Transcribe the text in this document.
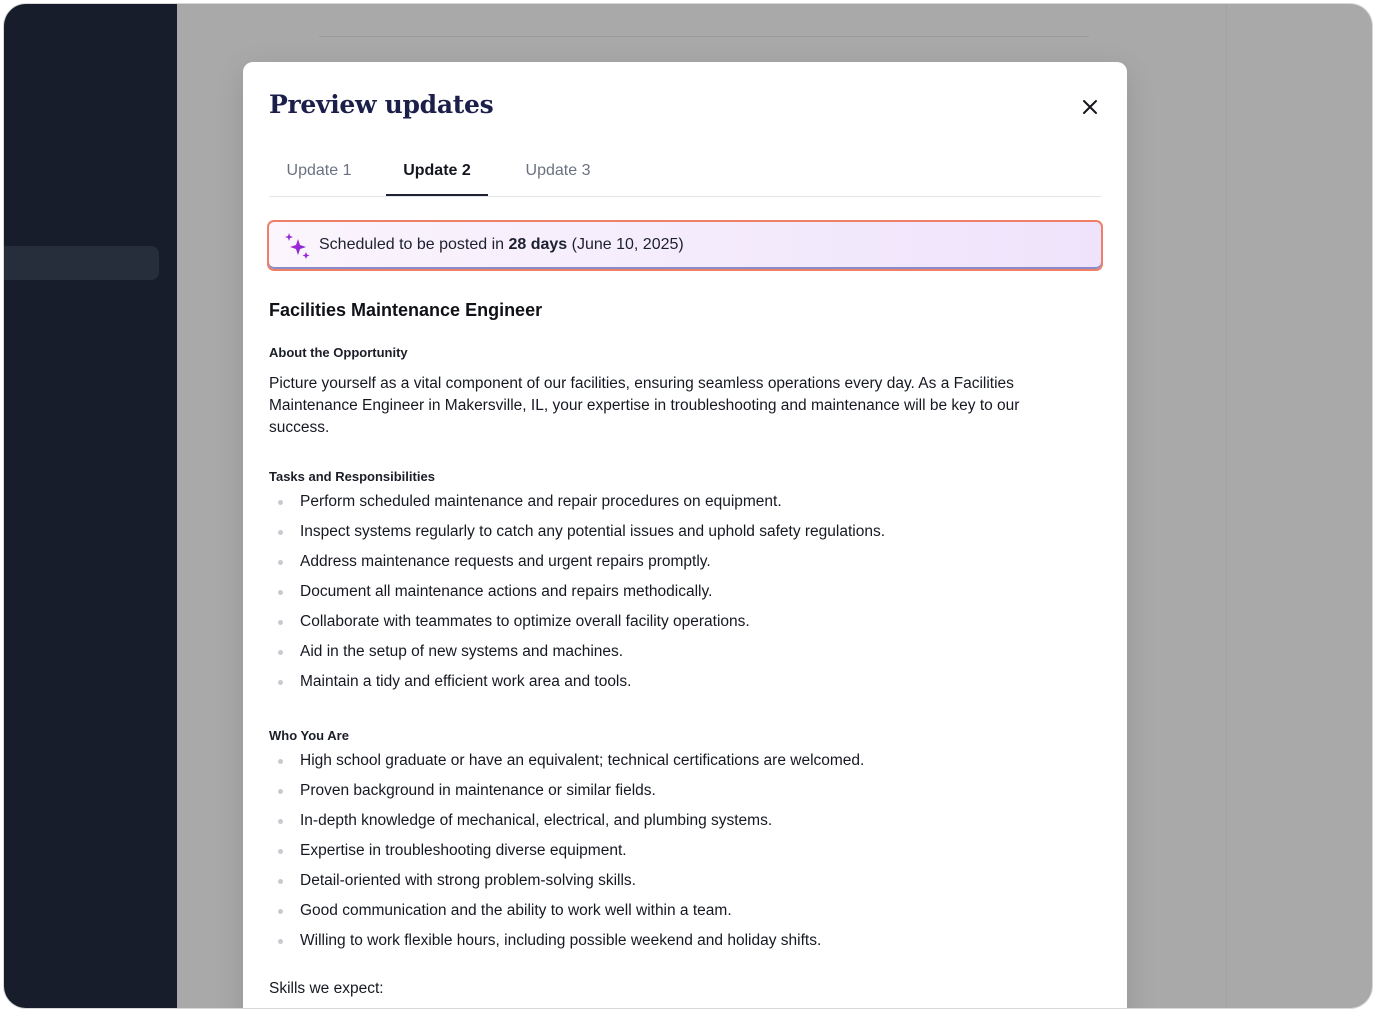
Preview updates
Update 1	Update 2	Update 3
Scheduled to be posted in 28 days (June 10, 2025)
Facilities Maintenance Engineer
About the Opportunity

Picture yourself as a vital component of our facilities, ensuring seamless operations every day. As a Facilities Maintenance Engineer in Makersville, IL, your expertise in troubleshooting and maintenance will be key to our success.

Tasks and Responsibilities
Perform scheduled maintenance and repair procedures on equipment.
Inspect systems regularly to catch any potential issues and uphold safety regulations.
Address maintenance requests and urgent repairs promptly.
Document all maintenance actions and repairs methodically.
Collaborate with teammates to optimize overall facility operations.
Aid in the setup of new systems and machines.
Maintain a tidy and efficient work area and tools.
Who You Are
High school graduate or have an equivalent; technical certifications are welcomed.
Proven background in maintenance or similar fields.
In-depth knowledge of mechanical, electrical, and plumbing systems.
Expertise in troubleshooting diverse equipment.
Detail-oriented with strong problem-solving skills.
Good communication and the ability to work well within a team.
Willing to work flexible hours, including possible weekend and holiday shifts.

Skills we expect:
